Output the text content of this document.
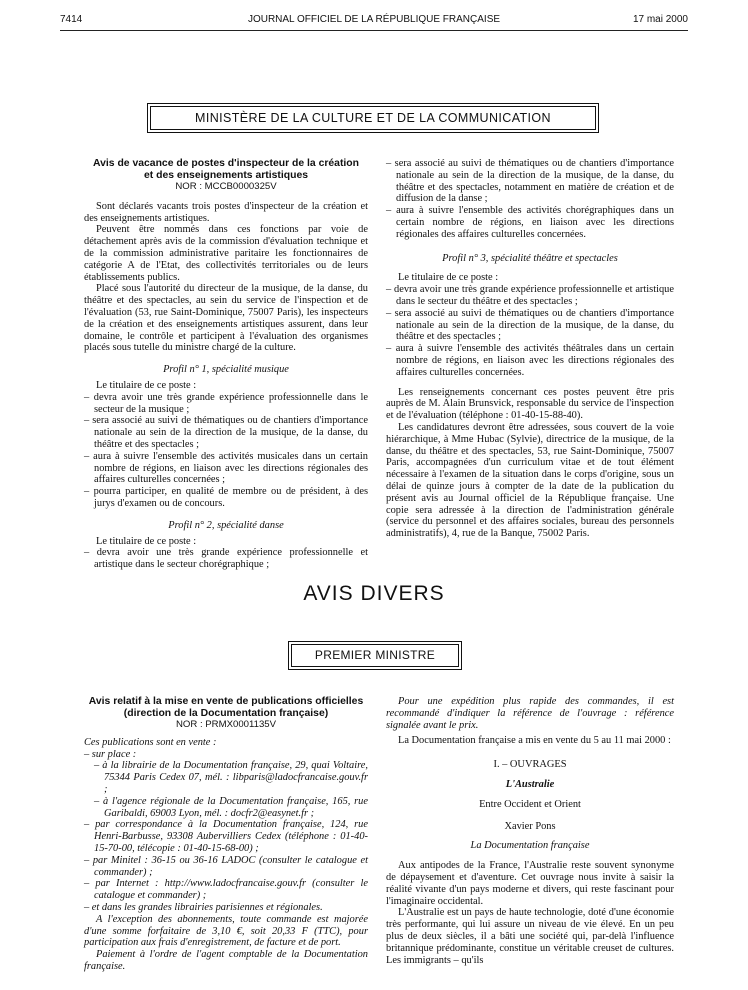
7414	JOURNAL OFFICIEL DE LA RÉPUBLIQUE FRANÇAISE	17 mai 2000
MINISTÈRE DE LA CULTURE ET DE LA COMMUNICATION
Avis de vacance de postes d'inspecteur de la création
et des enseignements artistiques
NOR : MCCB0000325V

Sont déclarés vacants trois postes d'inspecteur de la création et des enseignements artistiques.

Peuvent être nommés dans ces fonctions par voie de détachement après avis de la commission d'évaluation technique et de la commission administrative paritaire les fonctionnaires de catégorie A de l'Etat, des collectivités territoriales ou de leurs établissements publics.

Placé sous l'autorité du directeur de la musique, de la danse, du théâtre et des spectacles, au sein du service de l'inspection et de l'évaluation (53, rue Saint-Dominique, 75007 Paris), les inspecteurs de la création et des enseignements artistiques assurent, dans leur domaine, le contrôle et participent à l'évaluation des organismes placés sous tutelle du ministre chargé de la culture.

Profil n° 1, spécialité musique

Le titulaire de ce poste :

– devra avoir une très grande expérience professionnelle dans le secteur de la musique ;

– sera associé au suivi de thématiques ou de chantiers d'importance nationale au sein de la direction de la musique, de la danse, du théâtre et des spectacles ;

– aura à suivre l'ensemble des activités musicales dans un certain nombre de régions, en liaison avec les directions régionales des affaires culturelles concernées ;

– pourra participer, en qualité de membre ou de président, à des jurys d'examen ou de concours.

Profil n° 2, spécialité danse

Le titulaire de ce poste :

– devra avoir une très grande expérience professionnelle et artistique dans le secteur chorégraphique ;

– sera associé au suivi de thématiques ou de chantiers d'importance nationale au sein de la direction de la musique, de la danse, du théâtre et des spectacles, notamment en matière de création et de diffusion de la danse ;

– aura à suivre l'ensemble des activités chorégraphiques dans un certain nombre de régions, en liaison avec les directions régionales des affaires culturelles concernées.

Profil n° 3, spécialité théâtre et spectacles

Le titulaire de ce poste :

– devra avoir une très grande expérience professionnelle et artistique dans le secteur du théâtre et des spectacles ;

– sera associé au suivi de thématiques ou de chantiers d'importance nationale au sein de la direction de la musique, de la danse, du théâtre et des spectacles ;

– aura à suivre l'ensemble des activités théâtrales dans un certain nombre de régions, en liaison avec les directions régionales des affaires culturelles concernées.

Les renseignements concernant ces postes peuvent être pris auprès de M. Alain Brunsvick, responsable du service de l'inspection et de l'évaluation (téléphone : 01-40-15-88-40).

Les candidatures devront être adressées, sous couvert de la voie hiérarchique, à Mme Hubac (Sylvie), directrice de la musique, de la danse, du théâtre et des spectacles, 53, rue Saint-Dominique, 75007 Paris, accompagnées d'un curriculum vitae et de tout élément nécessaire à l'examen de la situation dans le corps d'origine, sous un délai de quinze jours à compter de la date de la publication du présent avis au Journal officiel de la République française. Une copie sera adressée à la direction de l'administration générale (service du personnel et des affaires sociales, bureau des personnels administratifs), 4, rue de la Banque, 75002 Paris.

AVIS DIVERS
PREMIER MINISTRE
Avis relatif à la mise en vente de publications officielles
(direction de la Documentation française)
NOR : PRMX0001135V

Ces publications sont en vente :

– sur place :

– à la librairie de la Documentation française, 29, quai Voltaire, 75344 Paris Cedex 07, mél. : libparis@ladocfrancaise.gouv.fr ;

– à l'agence régionale de la Documentation française, 165, rue Garibaldi, 69003 Lyon, mél. : docfr2@easynet.fr ;

– par correspondance à la Documentation française, 124, rue Henri-Barbusse, 93308 Aubervilliers Cedex (téléphone : 01-40-15-70-00, télécopie : 01-40-15-68-00) ;

– par Minitel : 36-15 ou 36-16 LADOC (consulter le catalogue et commander) ;

– par Internet : http://www.ladocfrancaise.gouv.fr (consulter le catalogue et commander) ;

– et dans les grandes librairies parisiennes et régionales.

A l'exception des abonnements, toute commande est majorée d'une somme forfaitaire de 3,10 €, soit 20,33 F (TTC), pour participation aux frais d'enregistrement, de facture et de port.

Paiement à l'ordre de l'agent comptable de la Documentation française.

Pour une expédition plus rapide des commandes, il est recommandé d'indiquer la référence de l'ouvrage : référence signalée avant le prix.

La Documentation française a mis en vente du 5 au 11 mai 2000 :

I. – OUVRAGES

L'Australie

Entre Occident et Orient

Xavier Pons

La Documentation française

Aux antipodes de la France, l'Australie reste souvent synonyme de dépaysement et d'aventure. Cet ouvrage nous invite à saisir la réalité vivante d'un pays moderne et divers, qui reste fascinant pour l'imaginaire occidental.

L'Australie est un pays de haute technologie, doté d'une économie très performante, qui lui assure un niveau de vie élevé. En un peu plus de deux siècles, il a bâti une société qui, par-delà l'influence britannique prédominante, constitue un véritable creuset de cultures. Les immigrants – qu'ils
